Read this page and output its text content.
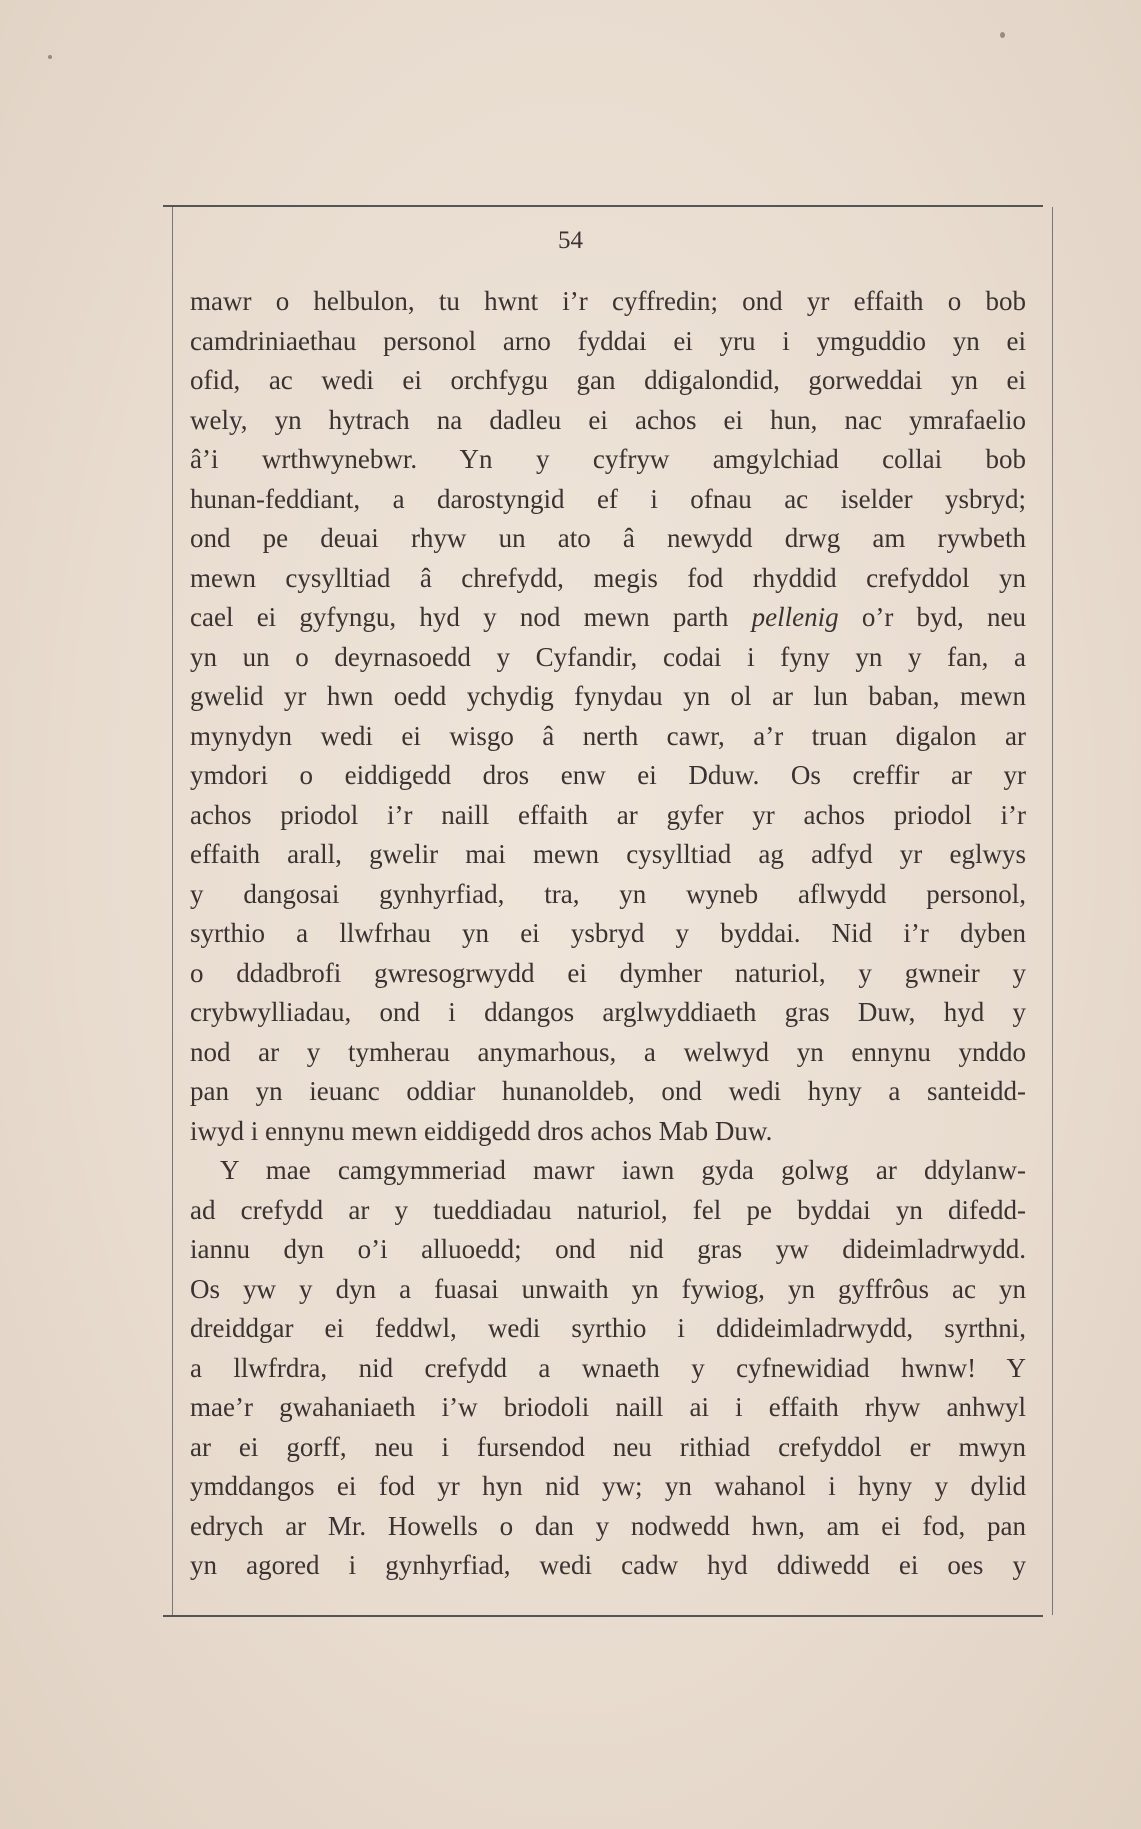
54
mawr o helbulon, tu hwnt i’r cyffredin; ond yr effaith o bob
camdriniaethau personol arno fyddai ei yru i ymguddio yn ei
ofid, ac wedi ei orchfygu gan ddigalondid, gorweddai yn ei
wely, yn hytrach na dadleu ei achos ei hun, nac ymrafaelio
â’i wrthwynebwr. Yn y cyfryw amgylchiad collai bob
hunan-feddiant, a darostyngid ef i ofnau ac iselder ysbryd;
ond pe deuai rhyw un ato â newydd drwg am rywbeth
mewn cysylltiad â chrefydd, megis fod rhyddid crefyddol yn
cael ei gyfyngu, hyd y nod mewn parth pellenig o’r byd, neu
yn un o deyrnasoedd y Cyfandir, codai i fyny yn y fan, a
gwelid yr hwn oedd ychydig fynydau yn ol ar lun baban, mewn
mynydyn wedi ei wisgo â nerth cawr, a’r truan digalon ar
ymdori o eiddigedd dros enw ei Dduw. Os creffir ar yr
achos priodol i’r naill effaith ar gyfer yr achos priodol i’r
effaith arall, gwelir mai mewn cysylltiad ag adfyd yr eglwys
y dangosai gynhyrfiad, tra, yn wyneb aflwydd personol,
syrthio a llwfrhau yn ei ysbryd y byddai. Nid i’r dyben
o ddadbrofi gwresogrwydd ei dymher naturiol, y gwneir y
crybwylliadau, ond i ddangos arglwyddiaeth gras Duw, hyd y
nod ar y tymherau anymarhous, a welwyd yn ennynu ynddo
pan yn ieuanc oddiar hunanoldeb, ond wedi hyny a santeidd-
iwyd i ennynu mewn eiddigedd dros achos Mab Duw.
Y mae camgymmeriad mawr iawn gyda golwg ar ddylanw-
ad crefydd ar y tueddiadau naturiol, fel pe byddai yn difedd-
iannu dyn o’i alluoedd; ond nid gras yw dideimladrwydd.
Os yw y dyn a fuasai unwaith yn fywiog, yn gyffrôus ac yn
dreiddgar ei feddwl, wedi syrthio i ddideimladrwydd, syrthni,
a llwfrdra, nid crefydd a wnaeth y cyfnewidiad hwnw! Y
mae’r gwahaniaeth i’w briodoli naill ai i effaith rhyw anhwyl
ar ei gorff, neu i fursendod neu rithiad crefyddol er mwyn
ymddangos ei fod yr hyn nid yw; yn wahanol i hyny y dylid
edrych ar Mr. Howells o dan y nodwedd hwn, am ei fod, pan
yn agored i gynhyrfiad, wedi cadw hyd ddiwedd ei oes y
